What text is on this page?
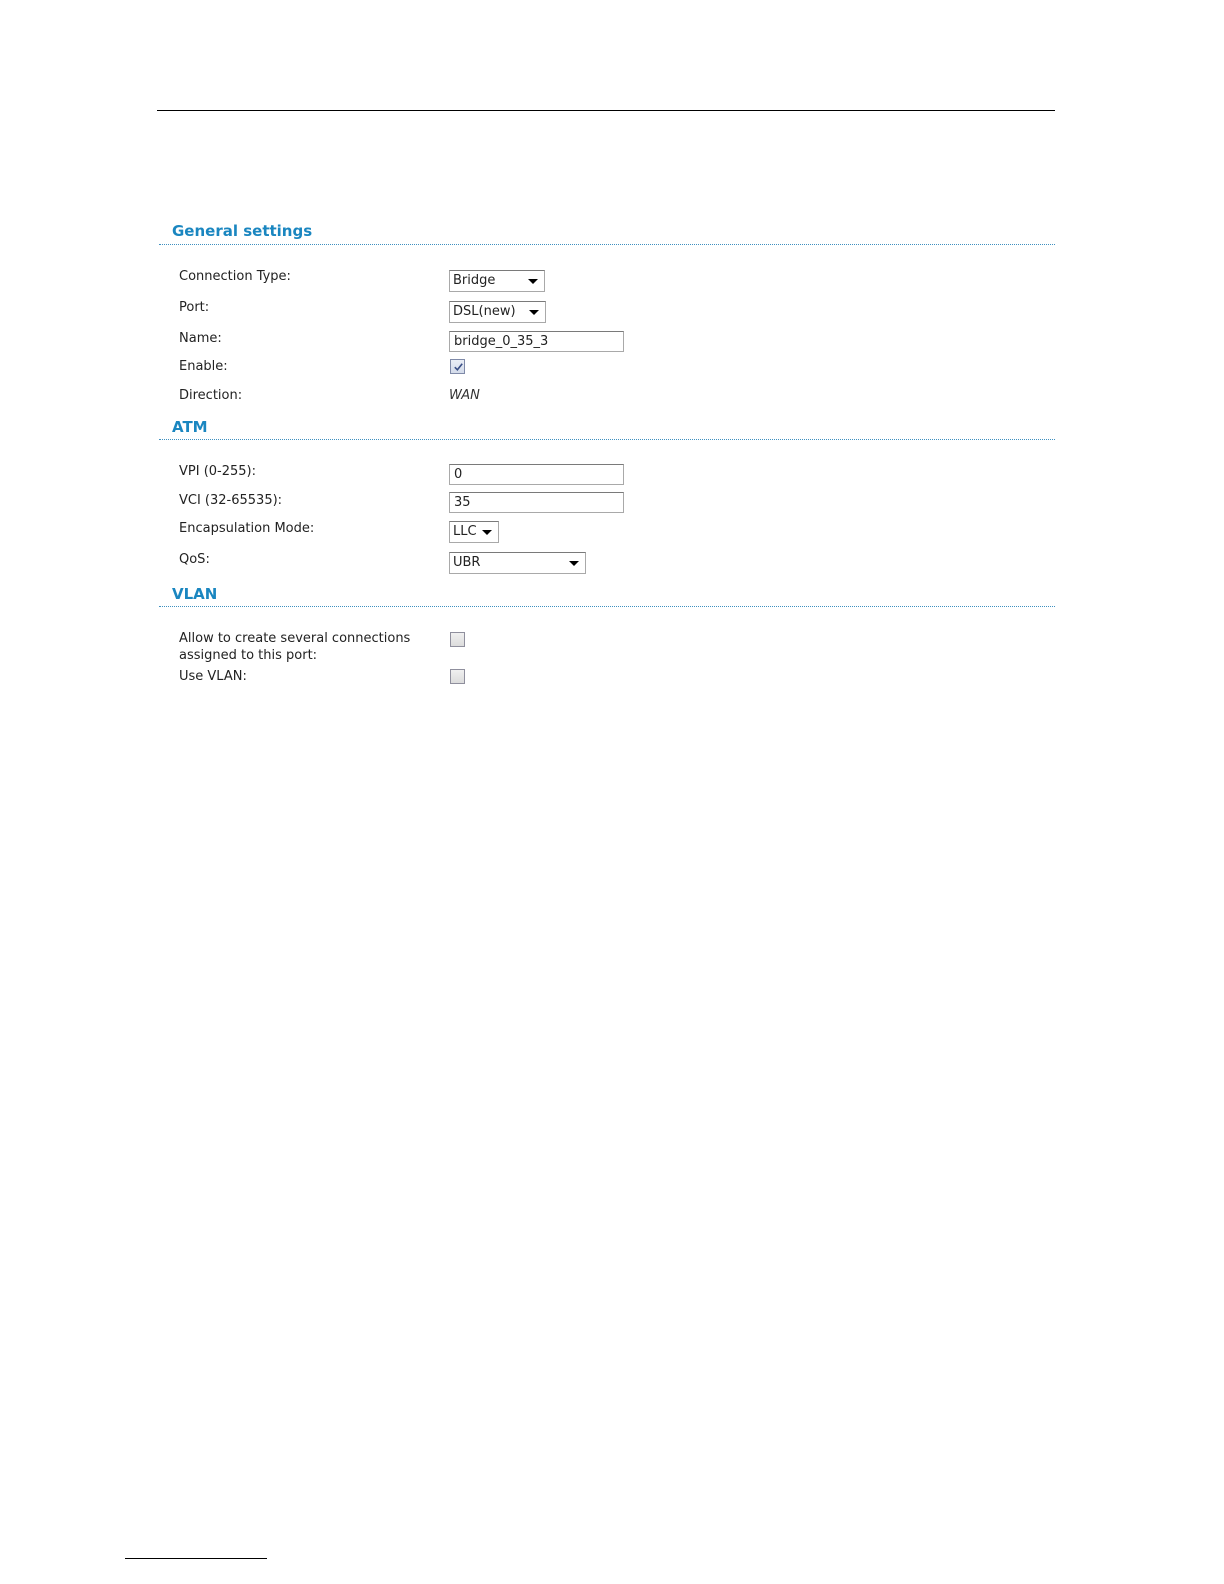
General settings
Connection Type:	Bridge
Port:	DSL(new)
Name:
bridge_0_35_3
Enable:
Direction:	WAN
ATM
VPI (0-255):
0
VCI (32-65535):
35
Encapsulation Mode:	LLC
QoS:	UBR
VLAN
Allow to create several connections assigned to this port:
Use VLAN:
